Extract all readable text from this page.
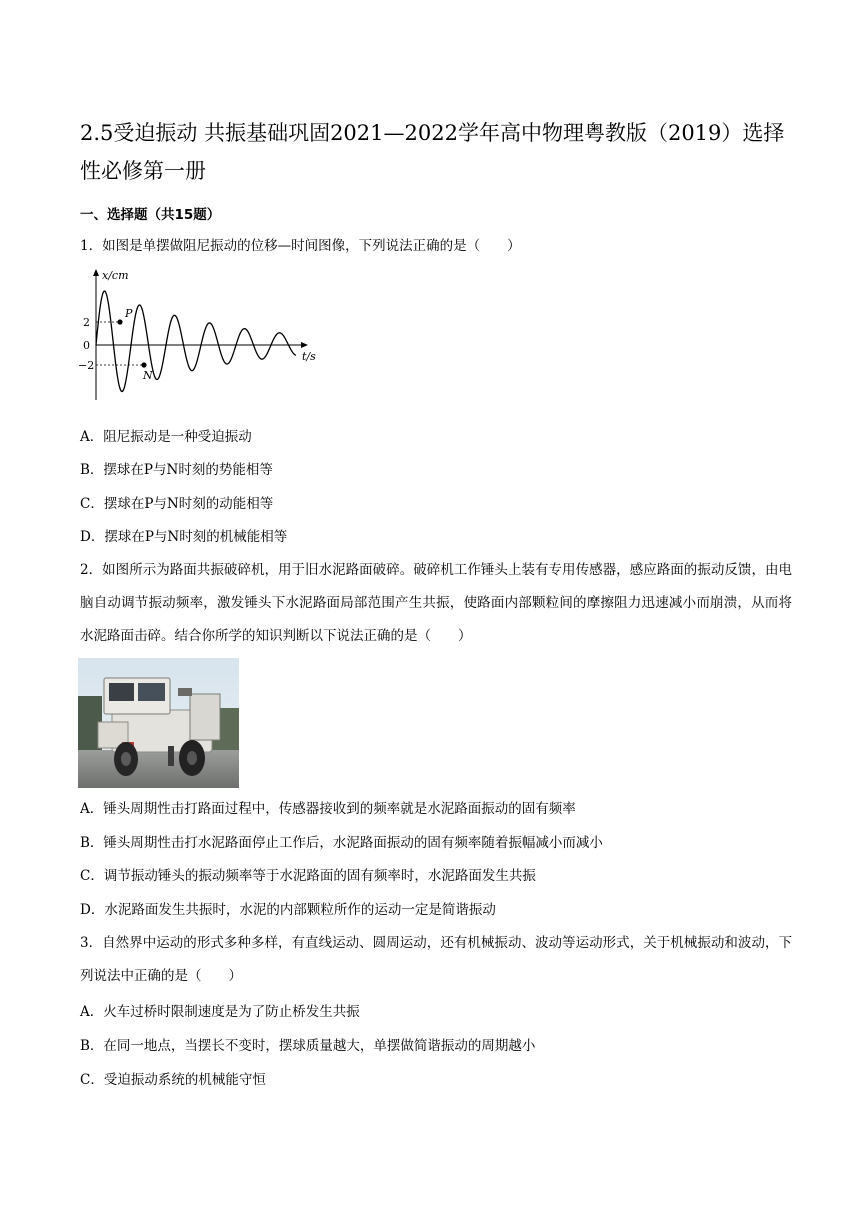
2.5受迫振动 共振基础巩固2021—2022学年高中物理粤教版（2019）选择性必修第一册
一、选择题（共15题）
1．如图是单摆做阻尼振动的位移—时间图像，下列说法正确的是（　　）
x/cm
t/s
2
0
−2
P
N
A．阻尼振动是一种受迫振动
B．摆球在P与N时刻的势能相等
C．摆球在P与N时刻的动能相等
D．摆球在P与N时刻的机械能相等
2．如图所示为路面共振破碎机，用于旧水泥路面破碎。破碎机工作锤头上装有专用传感器，感应路面的振动反馈，由电脑自动调节振动频率，激发锤头下水泥路面局部范围产生共振，使路面内部颗粒间的摩擦阻力迅速减小而崩溃，从而将水泥路面击碎。结合你所学的知识判断以下说法正确的是（　　）
A．锤头周期性击打路面过程中，传感器接收到的频率就是水泥路面振动的固有频率
B．锤头周期性击打水泥路面停止工作后，水泥路面振动的固有频率随着振幅减小而减小
C．调节振动锤头的振动频率等于水泥路面的固有频率时，水泥路面发生共振
D．水泥路面发生共振时，水泥的内部颗粒所作的运动一定是简谐振动
3．自然界中运动的形式多种多样，有直线运动、圆周运动，还有机械振动、波动等运动形式，关于机械振动和波动，下列说法中正确的是（　　）
A．火车过桥时限制速度是为了防止桥发生共振
B．在同一地点，当摆长不变时，摆球质量越大，单摆做简谐振动的周期越小
C．受迫振动系统的机械能守恒
